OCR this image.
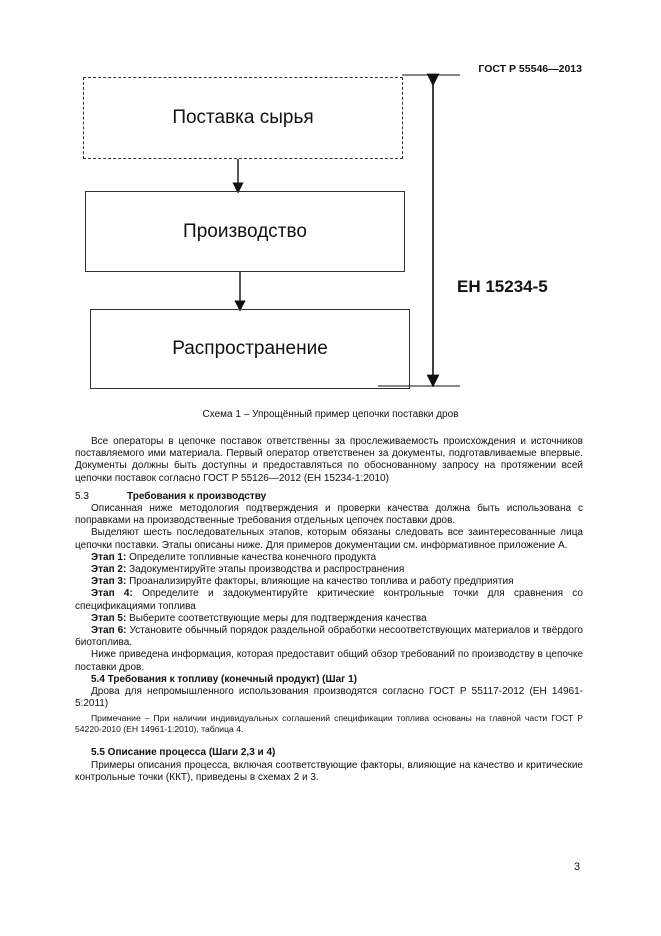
ГОСТ Р 55546—2013
Поставка сырья
Производство
Распространение
ЕН 15234-5
Схема 1 – Упрощённый пример цепочки поставки дров

Все операторы в цепочке поставок ответственны за прослеживаемость происхождения и источников поставляемого ими материала. Первый оператор ответственен за документы, подготавливаемые впервые. Документы должны быть доступны и предоставляться по обоснованному запросу на протяжении всей цепочки поставок согласно ГОСТ Р 55126—2012 (ЕН 15234-1:2010)

5.3	Требования к производству

Описанная ниже методология подтверждения и проверки качества должна быть использована с поправками на производственные требования отдельных цепочек поставки дров.

Выделяют шесть последовательных этапов, которым обязаны следовать все заинтересованные лица цепочки поставки. Этапы описаны ниже. Для примеров документации см. информативное приложение А.

Этап 1: Определите топливные качества конечного продукта

Этап 2: Задокументируйте этапы производства и распространения

Этап 3: Проанализируйте факторы, влияющие на качество топлива и работу предприятия

Этап 4: Определите и задокументируйте критические контрольные точки для сравнения со спецификациями топлива

Этап 5: Выберите соответствующие меры для подтверждения качества

Этап 6: Установите обычный порядок раздельной обработки несоответствующих материалов и твёрдого биотоплива.

Ниже приведена информация, которая предоставит общий обзор требований по производству в цепочке поставки дров.

5.4 Требования к топливу (конечный продукт) (Шаг 1)

Дрова для непромышленного использования производятся согласно ГОСТ Р 55117-2012 (ЕН 14961- 5:2011)

Примечание – При наличии индивидуальных соглашений спецификации топлива основаны на главной части ГОСТ Р 54220-2010 (ЕН 14961-1:2010), таблица 4.

5.5 Описание процесса (Шаги 2,3 и 4)

Примеры описания процесса, включая соответствующие факторы, влияющие на качество и критические контрольные точки (ККТ), приведены в схемах 2 и 3.

3
